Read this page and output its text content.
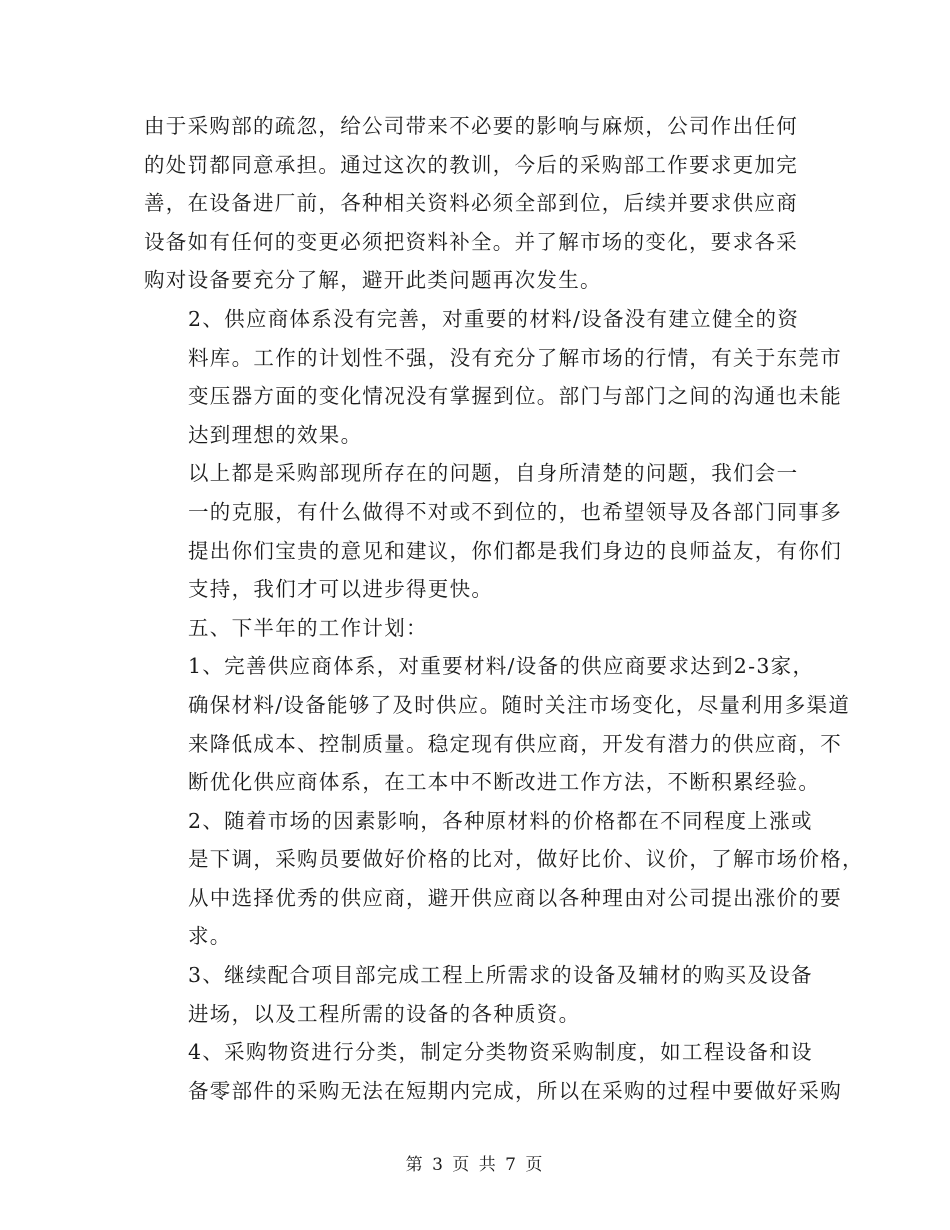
由于采购部的疏忽，给公司带来不必要的影响与麻烦，公司作出任何
的处罚都同意承担。通过这次的教训，今后的采购部工作要求更加完
善，在设备进厂前，各种相关资料必须全部到位，后续并要求供应商
设备如有任何的变更必须把资料补全。并了解市场的变化，要求各采
购对设备要充分了解，避开此类问题再次发生。

2、供应商体系没有完善，对重要的材料/设备没有建立健全的资
料库。工作的计划性不强，没有充分了解市场的行情，有关于东莞市
变压器方面的变化情况没有掌握到位。部门与部门之间的沟通也未能
达到理想的效果。

以上都是采购部现所存在的问题，自身所清楚的问题，我们会一
一的克服，有什么做得不对或不到位的，也希望领导及各部门同事多
提出你们宝贵的意见和建议，你们都是我们身边的良师益友，有你们
支持，我们才可以进步得更快。

五、下半年的工作计划：

1、完善供应商体系，对重要材料/设备的供应商要求达到2-3家，
确保材料/设备能够了及时供应。随时关注市场变化，尽量利用多渠道
来降低成本、控制质量。稳定现有供应商，开发有潜力的供应商，不
断优化供应商体系，在工本中不断改进工作方法，不断积累经验。

2、随着市场的因素影响，各种原材料的价格都在不同程度上涨或
是下调，采购员要做好价格的比对，做好比价、议价，了解市场价格，
从中选择优秀的供应商，避开供应商以各种理由对公司提出涨价的要
求。

3、继续配合项目部完成工程上所需求的设备及辅材的购买及设备
进场，以及工程所需的设备的各种质资。

4、采购物资进行分类，制定分类物资采购制度，如工程设备和设
备零部件的采购无法在短期内完成，所以在采购的过程中要做好采购

第 3 页 共 7 页
